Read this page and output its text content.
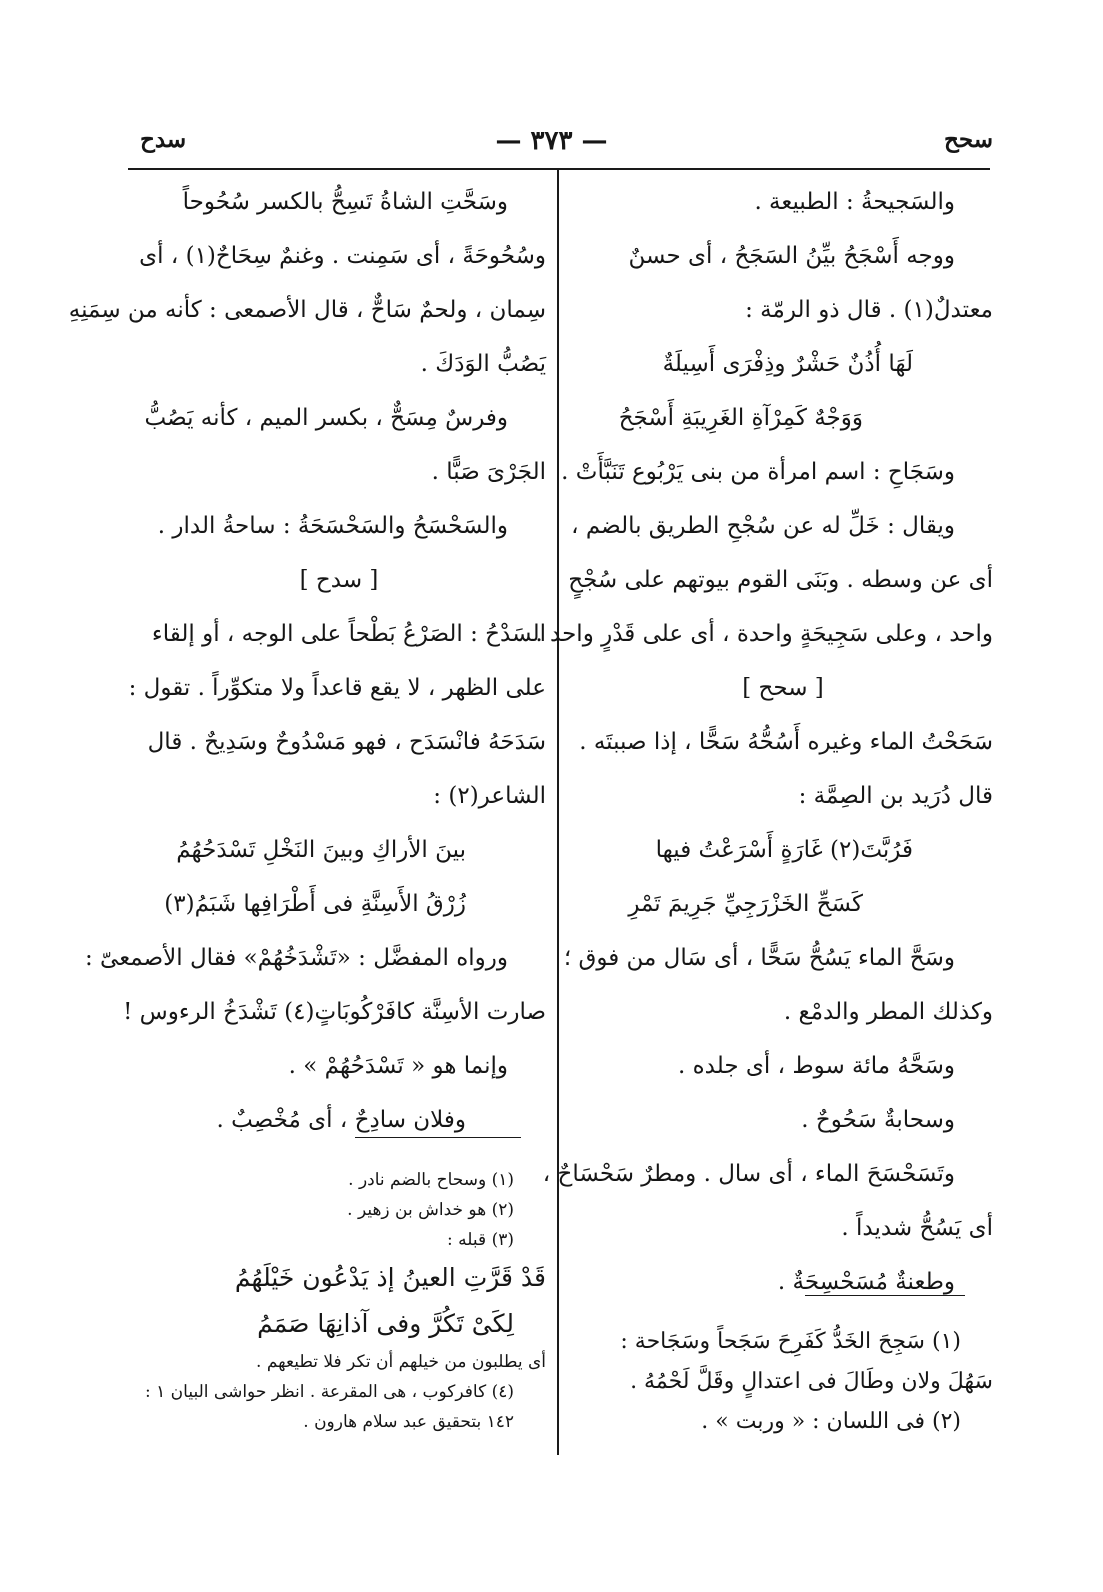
سحح
— ٣٧٣ —
سدح
والسَجيحةُ : الطبيعة .
ووجه أَسْجَحُ بيِّنُ السَجَحُ ، أى حسنٌ
معتدلٌ(١) . قال ذو الرمّة :
لَهَا أُذُنٌ حَشْرٌ وذِفْرَى أَسِيلَةٌ
وَوَجْهٌ كَمِرْآةِ الغَرِيبَةِ أَسْجَحُ
وسَجَاحِ : اسم امرأة من بنى يَرْبُوع تَنَبَّأَتْ .
ويقال : خَلِّ له عن سُجْحِ الطريق بالضم ،
أى عن وسطه . وبَنَى القوم بيوتهم على سُجْحٍ
واحد ، وعلى سَجِيحَةٍ واحدة ، أى على قَدْرٍ واحد .
[ سحح ]
سَحَحْتُ الماء وغيره أَسُحُّهُ سَحًّا ، إذا صببتَه .
قال دُرَيد بن الصِمَّة :
فَرُبَّتَ(٢) غَارَةٍ أَسْرَعْتُ فيها
كَسَحِّ الخَزْرَجِيِّ جَرِيمَ تَمْرِ
وسَحَّ الماء يَسُحُّ سَحًّا ، أى سَال من فوق ؛
وكذلك المطر والدمْع .
وسَحَّهُ مائة سوط ، أى جلده .
وسحابةٌ سَحُوحٌ .
وتَسَحْسَحَ الماء ، أى سال . ومطرٌ سَحْسَاحٌ ،
أى يَسُحُّ شديداً .
وطعنةٌ مُسَحْسِحَةٌ .
وسَحَّتِ الشاةُ تَسِحُّ بالكسر سُحُوحاً
وسُحُوحَةً ، أى سَمِنت . وغنمٌ سِحَاحٌ(١) ، أى
سِمان ، ولحمٌ سَاحٌّ ، قال الأصمعى : كأنه من سِمَنِهِ
يَصُبُّ الوَدَكَ .
وفرسٌ مِسَحٌّ ، بكسر الميم ، كأنه يَصُبُّ
الجَرْىَ صَبًّا .
والسَحْسَحُ والسَحْسَحَةُ : ساحةُ الدار .
[ سدح ]
السَدْحُ : الصَرْعُ بَطْحاً على الوجه ، أو إلقاء
على الظهر ، لا يقع قاعداً ولا متكوِّراً . تقول :
سَدَحَهُ فانْسَدَح ، فهو مَسْدُوحٌ وسَدِيحٌ . قال
الشاعر(٢) :
بينَ الأراكِ وبينَ النَخْلِ تَسْدَحُهُمُ
زُرْقُ الأَسِنَّةِ فى أَطْرَافِها شَبَمُ(٣)
ورواه المفضَّل : «تَشْدَخُهُمْ» فقال الأصمعىّ :
صارت الأسِنَّة كافَرْكُوبَاتٍ(٤) تَشْدَخُ الرءوس !
وإنما هو « تَسْدَحُهُمْ » .
وفلان سادِحٌ ، أى مُخْصِبٌ .
(١) سَجِحَ الخَدُّ كَفَرِحَ سَجَحاً وسَجَاحة :
سَهُلَ ولان وطَالَ فى اعتدالٍ وقَلَّ لَحْمُهُ .
(٢) فى اللسان : « وربت » .
(١) وسحاح بالضم نادر .
(٢) هو خداش بن زهير .
(٣) قبله :
قَدْ قَرَّتِ العينُ إذ يَدْعُون خَيْلَهُمُ
لِكَىْ تَكُرَّ وفى آذانِهَا صَمَمُ
أى يطلبون من خيلهم أن تكر فلا تطيعهم .
(٤) كافركوب ، هى المقرعة . انظر حواشى البيان ١ :
١٤٢ بتحقيق عبد سلام هارون .
